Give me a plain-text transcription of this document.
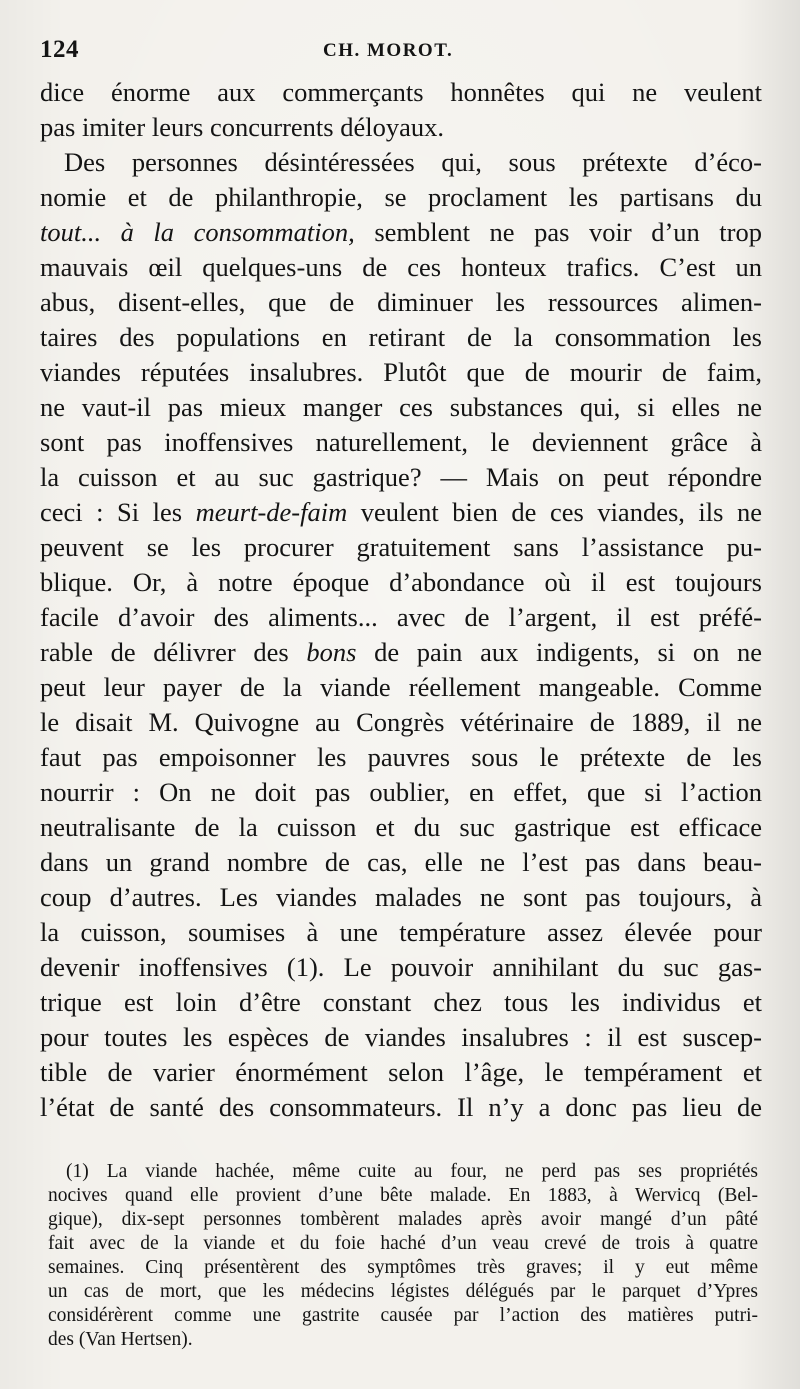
124	CH. MOROT.
dice énorme aux commerçants honnêtes qui ne veulent
pas imiter leurs concurrents déloyaux.
Des personnes désintéressées qui, sous prétexte d’éco-
nomie et de philanthropie, se proclament les partisans du
tout... à la consommation, semblent ne pas voir d’un trop
mauvais œil quelques-uns de ces honteux trafics. C’est un
abus, disent-elles, que de diminuer les ressources alimen-
taires des populations en retirant de la consommation les
viandes réputées insalubres. Plutôt que de mourir de faim,
ne vaut-il pas mieux manger ces substances qui, si elles ne
sont pas inoffensives naturellement, le deviennent grâce à
la cuisson et au suc gastrique? — Mais on peut répondre
ceci : Si les meurt-de-faim veulent bien de ces viandes, ils ne
peuvent se les procurer gratuitement sans l’assistance pu-
blique. Or, à notre époque d’abondance où il est toujours
facile d’avoir des aliments... avec de l’argent, il est préfé-
rable de délivrer des bons de pain aux indigents, si on ne
peut leur payer de la viande réellement mangeable. Comme
le disait M. Quivogne au Congrès vétérinaire de 1889, il ne
faut pas empoisonner les pauvres sous le prétexte de les
nourrir : On ne doit pas oublier, en effet, que si l’action
neutralisante de la cuisson et du suc gastrique est efficace
dans un grand nombre de cas, elle ne l’est pas dans beau-
coup d’autres. Les viandes malades ne sont pas toujours, à
la cuisson, soumises à une température assez élevée pour
devenir inoffensives (1). Le pouvoir annihilant du suc gas-
trique est loin d’être constant chez tous les individus et
pour toutes les espèces de viandes insalubres : il est suscep-
tible de varier énormément selon l’âge, le tempérament et
l’état de santé des consommateurs. Il n’y a donc pas lieu de
(1) La viande hachée, même cuite au four, ne perd pas ses propriétés
nocives quand elle provient d’une bête malade. En 1883, à Wervicq (Bel-
gique), dix-sept personnes tombèrent malades après avoir mangé d’un pâté
fait avec de la viande et du foie haché d’un veau crevé de trois à quatre
semaines. Cinq présentèrent des symptômes très graves; il y eut même
un cas de mort, que les médecins légistes délégués par le parquet d’Ypres
considérèrent comme une gastrite causée par l’action des matières putri-
des (Van Hertsen).
